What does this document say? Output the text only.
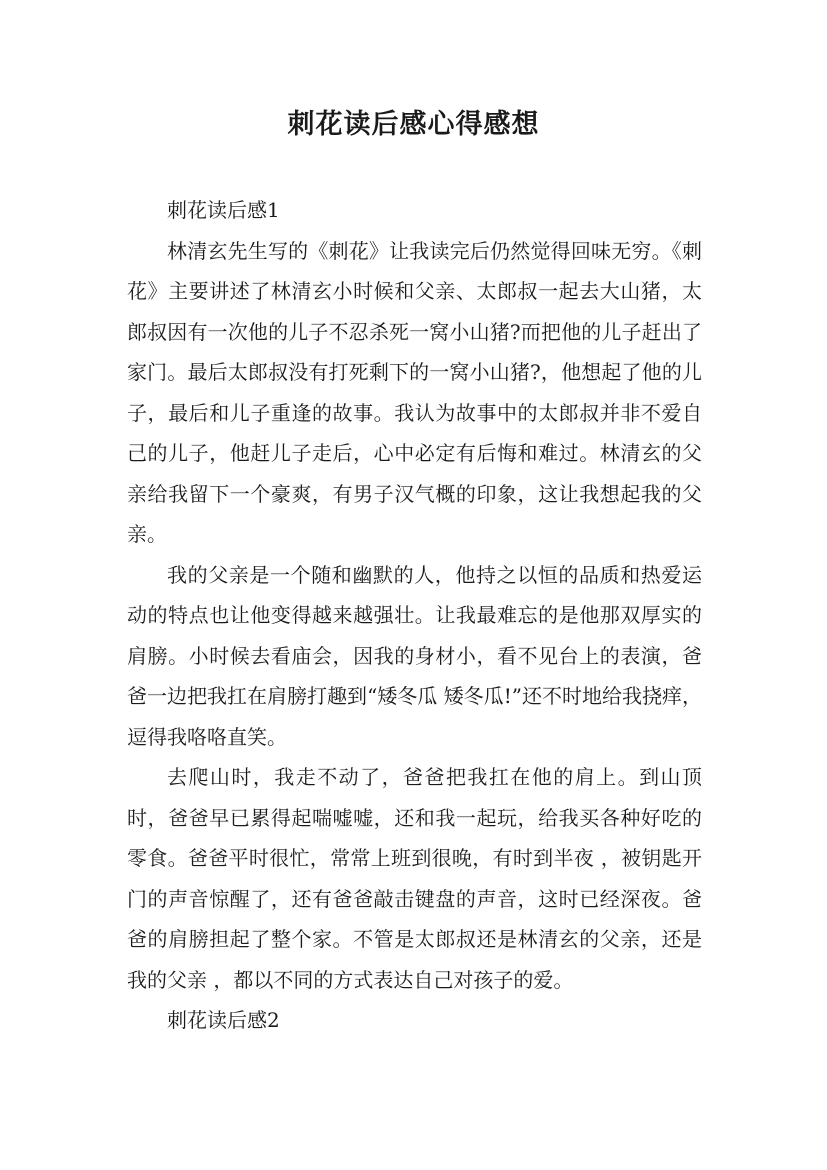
刺花读后感心得感想

刺花读后感1

林清玄先生写的《刺花》让我读完后仍然觉得回味无穷。《刺花》主要讲述了林清玄小时候和父亲、太郎叔一起去大山猪，太郎叔因有一次他的儿子不忍杀死一窝小山猪?而把他的儿子赶出了家门。最后太郎叔没有打死剩下的一窝小山猪?，他想起了他的儿子，最后和儿子重逢的故事。我认为故事中的太郎叔并非不爱自己的儿子，他赶儿子走后，心中必定有后悔和难过。林清玄的父亲给我留下一个豪爽，有男子汉气概的印象，这让我想起我的父亲。

我的父亲是一个随和幽默的人，他持之以恒的品质和热爱运动的特点也让他变得越来越强壮。让我最难忘的是他那双厚实的肩膀。小时候去看庙会，因我的身材小，看不见台上的表演，爸爸一边把我扛在肩膀打趣到“矮冬瓜 矮冬瓜!”还不时地给我挠痒，逗得我咯咯直笑。

去爬山时，我走不动了，爸爸把我扛在他的肩上。到山顶时，爸爸早已累得起喘嘘嘘，还和我一起玩，给我买各种好吃的零食。爸爸平时很忙，常常上班到很晚，有时到半夜 ，被钥匙开门的声音惊醒了，还有爸爸敲击键盘的声音，这时已经深夜。爸爸的肩膀担起了整个家。不管是太郎叔还是林清玄的父亲，还是我的父亲 ，都以不同的方式表达自己对孩子的爱。

刺花读后感2
